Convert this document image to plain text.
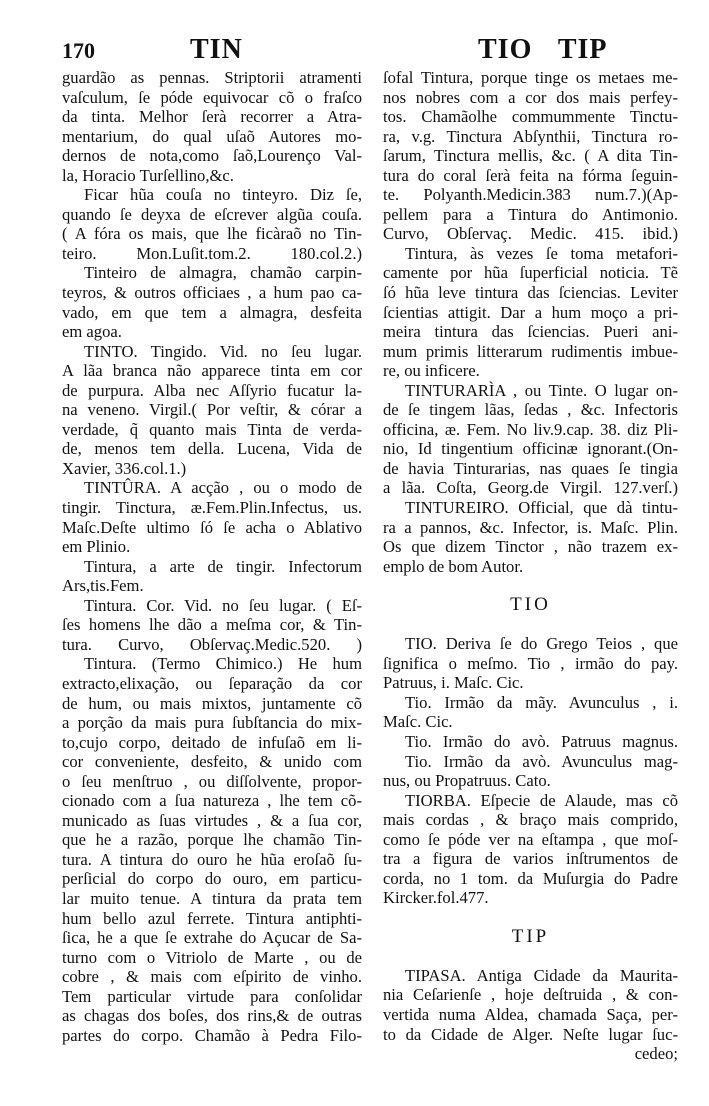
170	TIN	TIO TIP
guardão as pennas. Striptorii atramenti
vaſculum, ſe póde equivocar cõ o fraſco
da tinta. Melhor ſerà recorrer a Atra-
mentarium, do qual uſaõ Autores mo-
dernos de nota,como ſaõ,Lourenço Val-
la, Horacio Turſellino,&c.
Ficar hũa couſa no tinteyro. Diz ſe,
quando ſe deyxa de eſcrever algũa couſa.
( A fóra os mais, que lhe ficàraõ no Tin-
teiro. Mon.Luſit.tom.2. 180.col.2.)
Tinteiro de almagra, chamão carpin-
teyros, & outros officiaes , a hum pao ca-
vado, em que tem a almagra, desfeita
em agoa.
TINTO. Tingido. Vid. no ſeu lugar.
A lãa branca não apparece tinta em cor
de purpura. Alba nec Aſſyrio fucatur la-
na veneno. Virgil.( Por veſtir, & córar a
verdade, q̃ quanto mais Tinta de verda-
de, menos tem della. Lucena, Vida de
Xavier, 336.col.1.)
TINTÛRA. A acção , ou o modo de
tingir. Tinctura, æ.Fem.Plin.Infectus, us.
Maſc.Deſte ultimo ſó ſe acha o Ablativo
em Plinio.
Tintura, a arte de tingir. Infectorum
Ars,tis.Fem.
Tintura. Cor. Vid. no ſeu lugar. ( Eſ-
ſes homens lhe dão a meſma cor, & Tin-
tura. Curvo, Obſervaç.Medic.520. )
Tintura. (Termo Chimico.) He hum
extracto,elixação, ou ſeparação da cor
de hum, ou mais mixtos, juntamente cõ
a porção da mais pura ſubſtancia do mix-
to,cujo corpo, deitado de infuſaõ em li-
cor conveniente, desfeito, & unido com
o ſeu menſtruo , ou diſſolvente, propor-
cionado com a ſua natureza , lhe tem cõ-
municado as ſuas virtudes , & a ſua cor,
que he a razão, porque lhe chamão Tin-
tura. A tintura do ouro he hũa eroſaõ ſu-
perſicial do corpo do ouro, em particu-
lar muito tenue. A tintura da prata tem
hum bello azul ferrete. Tintura antiphti-
ſica, he a que ſe extrahe do Açucar de Sa-
turno com o Vitriolo de Marte , ou de
cobre , & mais com eſpirito de vinho.
Tem particular virtude para conſolidar
as chagas dos boſes, dos rins,& de outras
partes do corpo. Chamão à Pedra Filo-
ſofal Tintura, porque tinge os metaes me-
nos nobres com a cor dos mais perfey-
tos. Chamãolhe commummente Tinctu-
ra, v.g. Tinctura Abſynthii, Tinctura ro-
ſarum, Tinctura mellis, &c. ( A dita Tin-
tura do coral ſerà feita na fórma ſeguin-
te. Polyanth.Medicin.383 num.7.)(Ap-
pellem para a Tintura do Antimonio.
Curvo, Obſervaç. Medic. 415. ibid.)
Tintura, às vezes ſe toma metafori-
camente por hũa ſuperficial noticia. Tẽ
ſó hũa leve tintura das ſciencias. Leviter
ſcientias attigit. Dar a hum moço a pri-
meira tintura das ſciencias. Pueri ani-
mum primis litterarum rudimentis imbue-
re, ou inficere.
TINTURARÌA , ou Tinte. O lugar on-
de ſe tingem lãas, ſedas , &c. Infectoris
officina, æ. Fem. No liv.9.cap. 38. diz Pli-
nio, Id tingentium officinæ ignorant.(On-
de havia Tinturarias, nas quaes ſe tingia
a lãa. Coſta, Georg.de Virgil. 127.verſ.)
TINTUREIRO. Official, que dà tintu-
ra a pannos, &c. Infector, is. Maſc. Plin.
Os que dizem Tinctor , não trazem ex-
emplo de bom Autor.
TIO
TIO. Deriva ſe do Grego Teios , que
ſignifica o meſmo. Tio , irmão do pay.
Patruus, i. Maſc. Cic.
Tio. Irmão da mãy. Avunculus , i.
Maſc. Cic.
Tio. Irmão do avò. Patruus magnus.
Tio. Irmão da avò. Avunculus mag-
nus, ou Propatruus. Cato.
TIORBA. Eſpecie de Alaude, mas cõ
mais cordas , & braço mais comprido,
como ſe póde ver na eſtampa , que moſ-
tra a figura de varios inſtrumentos de
corda, no 1 tom. da Muſurgia do Padre
Kircker.fol.477.
TIP
TIPASA. Antiga Cidade da Maurita-
nia Ceſarienſe , hoje deſtruida , & con-
vertida numa Aldea, chamada Saça, per-
to da Cidade de Alger. Neſte lugar ſuc-
cedeo;
